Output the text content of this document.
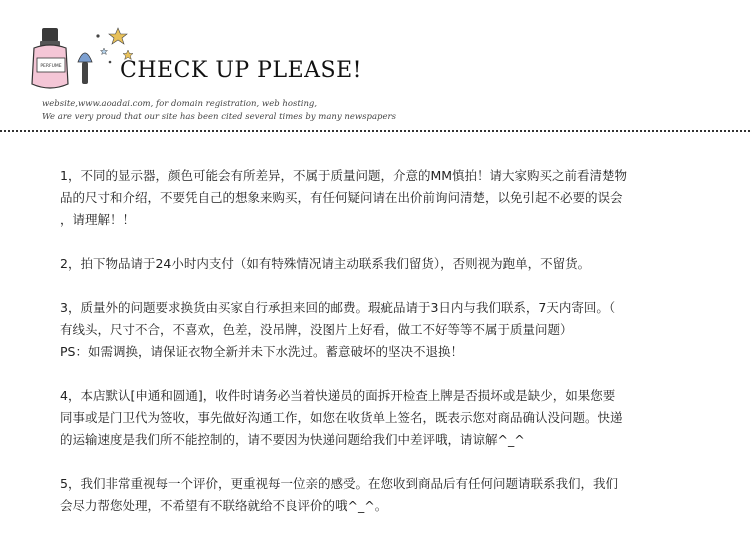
PERFUME	CHECK UP PLEASE!
website,www.aoadai.com, for domain registration, web hosting,
We are very proud that our site has been cited several times by many newspapers

1，不同的显示器，颜色可能会有所差异，不属于质量问题，介意的MM慎拍！请大家购买之前看清楚物
品的尺寸和介绍，不要凭自己的想象来购买，有任何疑问请在出价前询问清楚，以免引起不必要的误会
，请理解！！

2，拍下物品请于24小时内支付（如有特殊情况请主动联系我们留货），否则视为跑单，不留货。

3，质量外的问题要求换货由买家自行承担来回的邮费。瑕疵品请于3日内与我们联系，7天内寄回。（
有线头，尺寸不合，不喜欢，色差，没吊牌，没图片上好看，做工不好等等不属于质量问题）
PS：如需调换，请保证衣物全新并未下水洗过。蓄意破坏的坚决不退换！

4，本店默认[申通和圆通]，收件时请务必当着快递员的面拆开检查上牌是否损坏或是缺少，如果您要
同事或是门卫代为签收，事先做好沟通工作，如您在收货单上签名，既表示您对商品确认没问题。快递
的运输速度是我们所不能控制的，请不要因为快递问题给我们中差评哦，请谅解^_^

5，我们非常重视每一个评价，更重视每一位亲的感受。在您收到商品后有任何问题请联系我们，我们
会尽力帮您处理，不希望有不联络就给不良评价的哦^_^。
